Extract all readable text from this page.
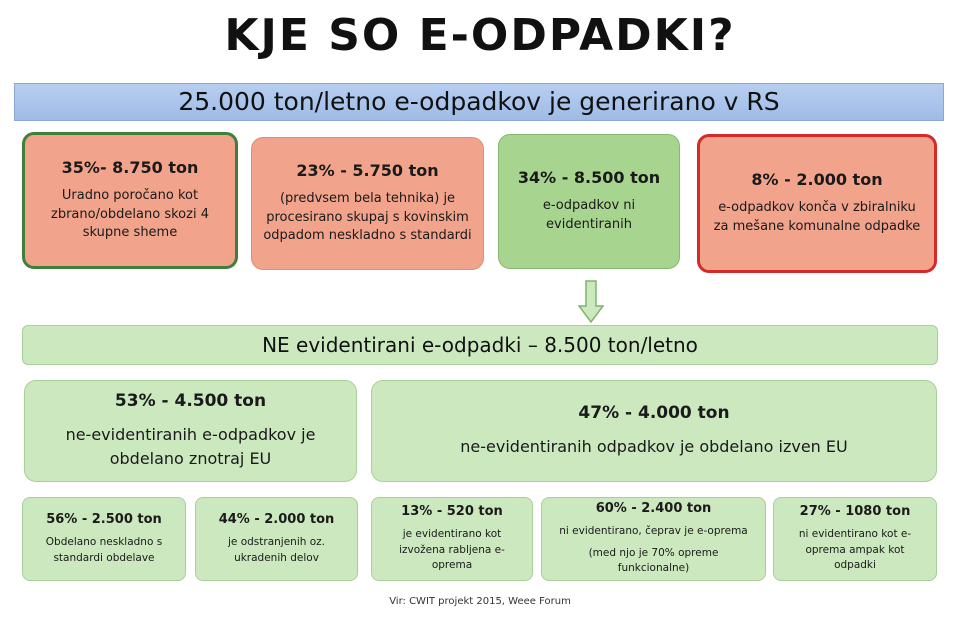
KJE SO E-ODPADKI?
25.000 ton/letno e-odpadkov je generirano v RS
35%- 8.750 ton
Uradno poročano kot zbrano/obdelano skozi 4 skupne sheme
23% - 5.750 ton
(predvsem bela tehnika) je procesirano skupaj s kovinskim odpadom neskladno s standardi
34% - 8.500 ton
e-odpadkov ni evidentiranih
8% - 2.000 ton
e-odpadkov konča v zbiralniku za mešane komunalne odpadke
NE evidentirani e-odpadki – 8.500 ton/letno
53% - 4.500 ton
ne-evidentiranih e-odpadkov je obdelano znotraj EU
47% - 4.000 ton
ne-evidentiranih odpadkov je obdelano izven EU
56% - 2.500 ton
Obdelano neskladno s standardi obdelave
44% - 2.000 ton
je odstranjenih oz. ukradenih delov
13% - 520 ton
je evidentirano kot izvožena rabljena e-oprema
60% - 2.400 ton
ni evidentirano, čeprav je e-oprema
(med njo je 70% opreme funkcionalne)
27% - 1080 ton
ni evidentirano kot e-oprema ampak kot odpadki
Vir: CWIT projekt 2015, Weee Forum
